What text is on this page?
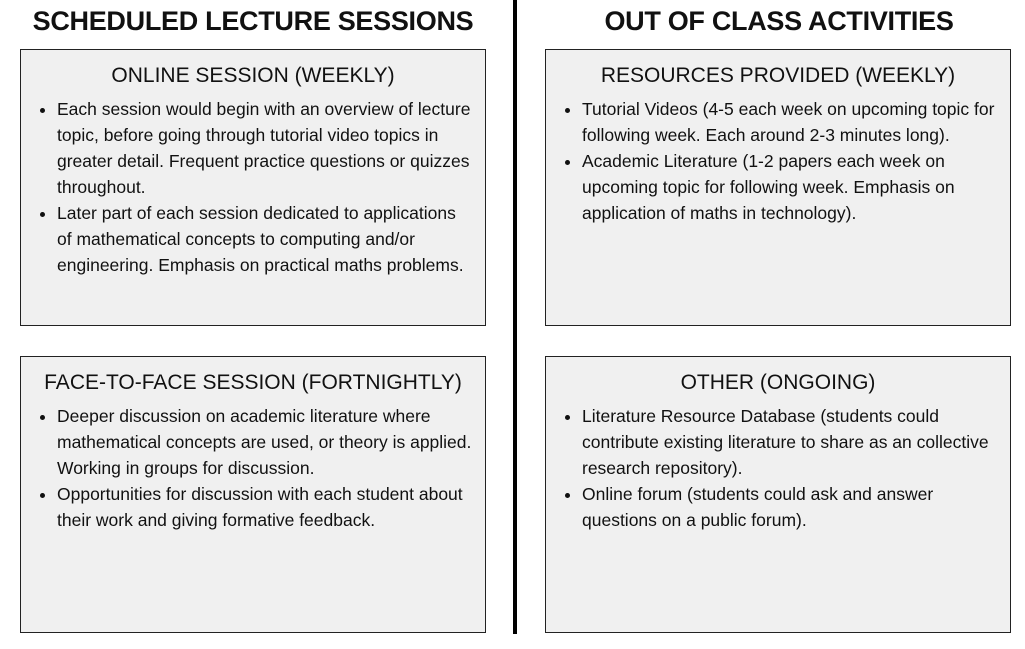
SCHEDULED LECTURE SESSIONS	OUT OF CLASS ACTIVITIES
ONLINE SESSION (WEEKLY)
• Each session would begin with an overview of lecture topic, before going through tutorial video topics in greater detail. Frequent practice questions or quizzes throughout.
• Later part of each session dedicated to applications of mathematical concepts to computing and/or engineering. Emphasis on practical maths problems.
FACE-TO-FACE SESSION (FORTNIGHTLY)
• Deeper discussion on academic literature where mathematical concepts are used, or theory is applied. Working in groups for discussion.
• Opportunities for discussion with each student about their work and giving formative feedback.
RESOURCES PROVIDED (WEEKLY)
• Tutorial Videos (4-5 each week on upcoming topic for following week. Each around 2-3 minutes long).
• Academic Literature (1-2 papers each week on upcoming topic for following week. Emphasis on application of maths in technology).
OTHER (ONGOING)
• Literature Resource Database (students could contribute existing literature to share as an collective research repository).
• Online forum (students could ask and answer questions on a public forum).
